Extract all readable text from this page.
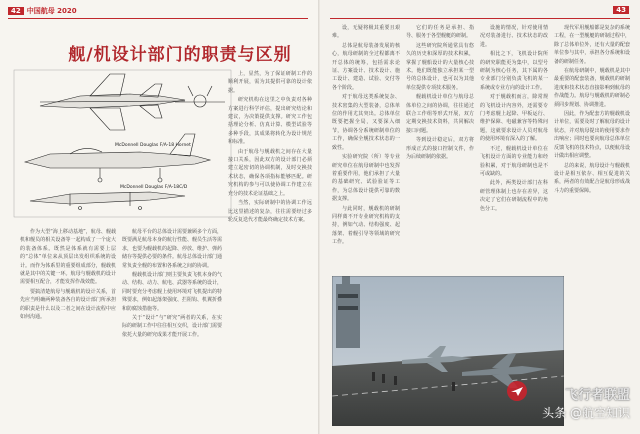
42 中国航母 2020
舰/机设计部门的职责与区别
McDonnell Douglas F/A-18 Hornet
McDonnell Douglas F/A-18C/D

上，显然，为了保证研制工作的顺利开展，需为其提供可靠的设计依据。

研究机构在这里之中负责对各种方案进行科学评估，提出研究结论和建议，为决策提供支撑。研究工作包括理论分析、仿真计算、模型试验等多种手段，其成果将转化为设计规范和标准。

由于航母与舰载机之间存在大量接口关系，因此双方的设计部门必须建立起密切的协调机制，及时交换技术状态，确保各项指标能够匹配。研究机构的参与可以使协调工作建立在充分的技术论证基础之上。

当然，实际研制中的协调工作远比这里描述的复杂，往往需要经过多轮反复迭代才能最终确定技术方案。

作为大型“海上移动基地”，航母、舰载机和舰员的相关设备等一起构成了一个庞大的装备体系。既然是体系就有需要上层的“总体”单位来从顶层出发组织系统的设计。而作为体系里的重要组成部分，舰载机就是其中的关键一环。航母与舰载机的设计需要相互配合，才能发挥作战效能。

要搞清楚航母与舰载机的设计关系，首先应当明确两种装备各自的设计部门所承担的职责是什么以及二者之间在设计流程中应如何沟通。

航母平台的总体设计需要兼顾多个方面，既要满足航母本身的航行性能、舰员生活等需求，也要为舰载机的起降、停放、维护、弹药储存等提供必要的条件。航母总体设计部门通常负责全舰的布置和各系统之间的协调。

舰载机设计部门则主要负责飞机本身的气动、结构、动力、航电、武器等系统的设计，同时要充分考虑舰上使用环境对飞机提出的特殊要求，例如起落架强度、拦阻钩、机翼折叠和防腐蚀措施等。

关于“设计”与“研究”两者的关系，在实际的研制工作中往往相互交织，设计部门需要依托大量的研究成果才能开展工作。

43

设，无疑将极其重要且艰难。

总体是航母装备发展的核心，航母研制的全过程都离不开总体的统筹，包括需求论证、方案设计、技术设计、施工设计、建造、试验、交付等各个阶段。

对于航母这类系统复杂、技术密集的大型装备，总体单位的作用尤其突出。总体单位既要把握全局，又要深入细节，协调各分系统研制单位的工作，确保全舰技术状态的一致性。

实验研究院（所）等专业研究单位在航母研制中也发挥着重要作用，他们承担了大量的基础研究、试验验证等工作，为总体设计提供可靠的数据支撑。

与此同时，舰载机的研制同样离不开专业研究机构的支持，例如气动、结构强度、起落架、着舰引导等领域的研究工作。

它们的任务是承担、指导、服务于各型舰艇的研制。

这些研究院所通常具有悠久的历史和深厚的技术积累，掌握了舰船设计的大量核心技术。他们既能独立承担某一型号的总体设计，也可以为其他单位提供专项技术服务。

舰载机设计单位与航母总体单位之间的协调，往往通过联合工作组等形式开展，双方定期交换技术资料，共同解决接口问题。

等到设计稳定后，双方将形成正式的接口控制文件，作为后续研制的依据。

设施的情况，针对使用情况对装备进行、技术状态的改进。

相比之下，飞机设计院所的研究职能更为集中，以型号研制为核心任务，其下属的各专业部门分别负责飞机的某一系统或专业方向的设计工作。

对于舰载机而言，除常规的飞机设计内容外，还需要专门考虑舰上起降、甲板运行、维护保障、电磁兼容等特殊问题，这就要求设计人员对航母的使用环境有深入的了解。

不过，舰载机设计单位在飞机设计方面的专业能力和经验积累，对于航母研制也是不可或缺的。

此外，两类设计部门在科研管理体制上也存在差异，这决定了它们在研制流程中的角色分工。

现代军用舰船都是复杂的系统工程，在一型舰艇的研制过程中，除了总体单位外，还有大量的配套单位参与其中，承担各分系统和设备的研制任务。

在航母研制中，舰载机是其中最重要的配套装备，舰载机的研制进度和技术状态直接影响到航母的作战能力。航母与舰载机的研制必须同步规划、协调推进。

因此，作为配套方的舰载机设计单位，需要及时了解航母的设计状态，并对航母提出的使用要求作出响应；同时也要向航母总体单位反馈飞机的技术特点，以便航母设计做出相应调整。

总的来说，航母设计与舰载机设计是相互依存、相互促进的关系，两者的有效配合是航母形成战斗力的重要保障。

飞行者联盟
头条 @航空知识
